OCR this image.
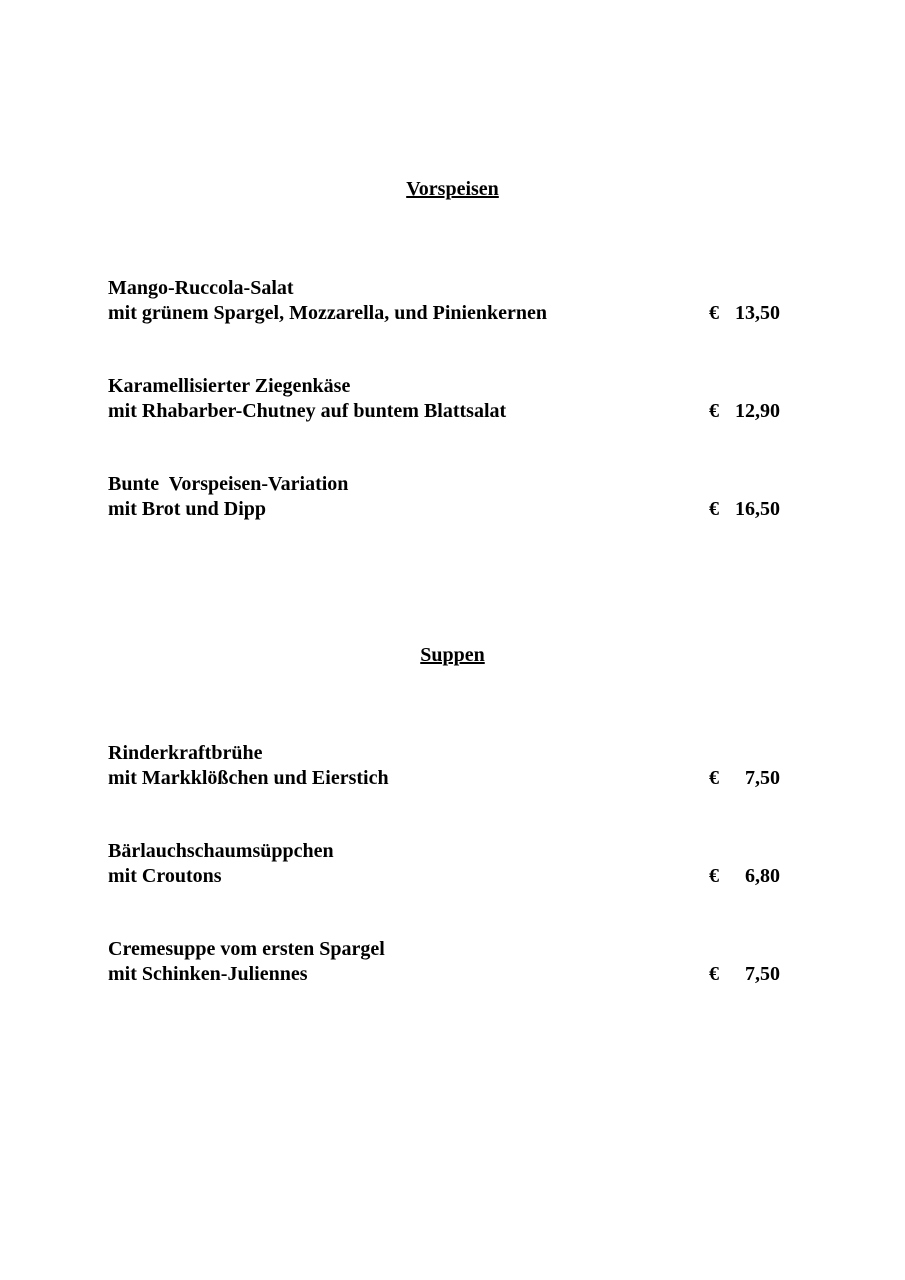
Vorspeisen
Mango-Ruccola-Salat
mit grünem Spargel, Mozzarella, und Pinienkernen	€ 13,50
Karamellisierter Ziegenkäse
mit Rhabarber-Chutney auf buntem Blattsalat	€ 12,90
Bunte  Vorspeisen-Variation
mit Brot und Dipp	€ 16,50
Suppen
Rinderkraftbrühe
mit Markklößchen und Eierstich	€ 7,50
Bärlauchschaumsüppchen
mit Croutons	€ 6,80
Cremesuppe vom ersten Spargel
mit Schinken-Juliennes	€ 7,50
